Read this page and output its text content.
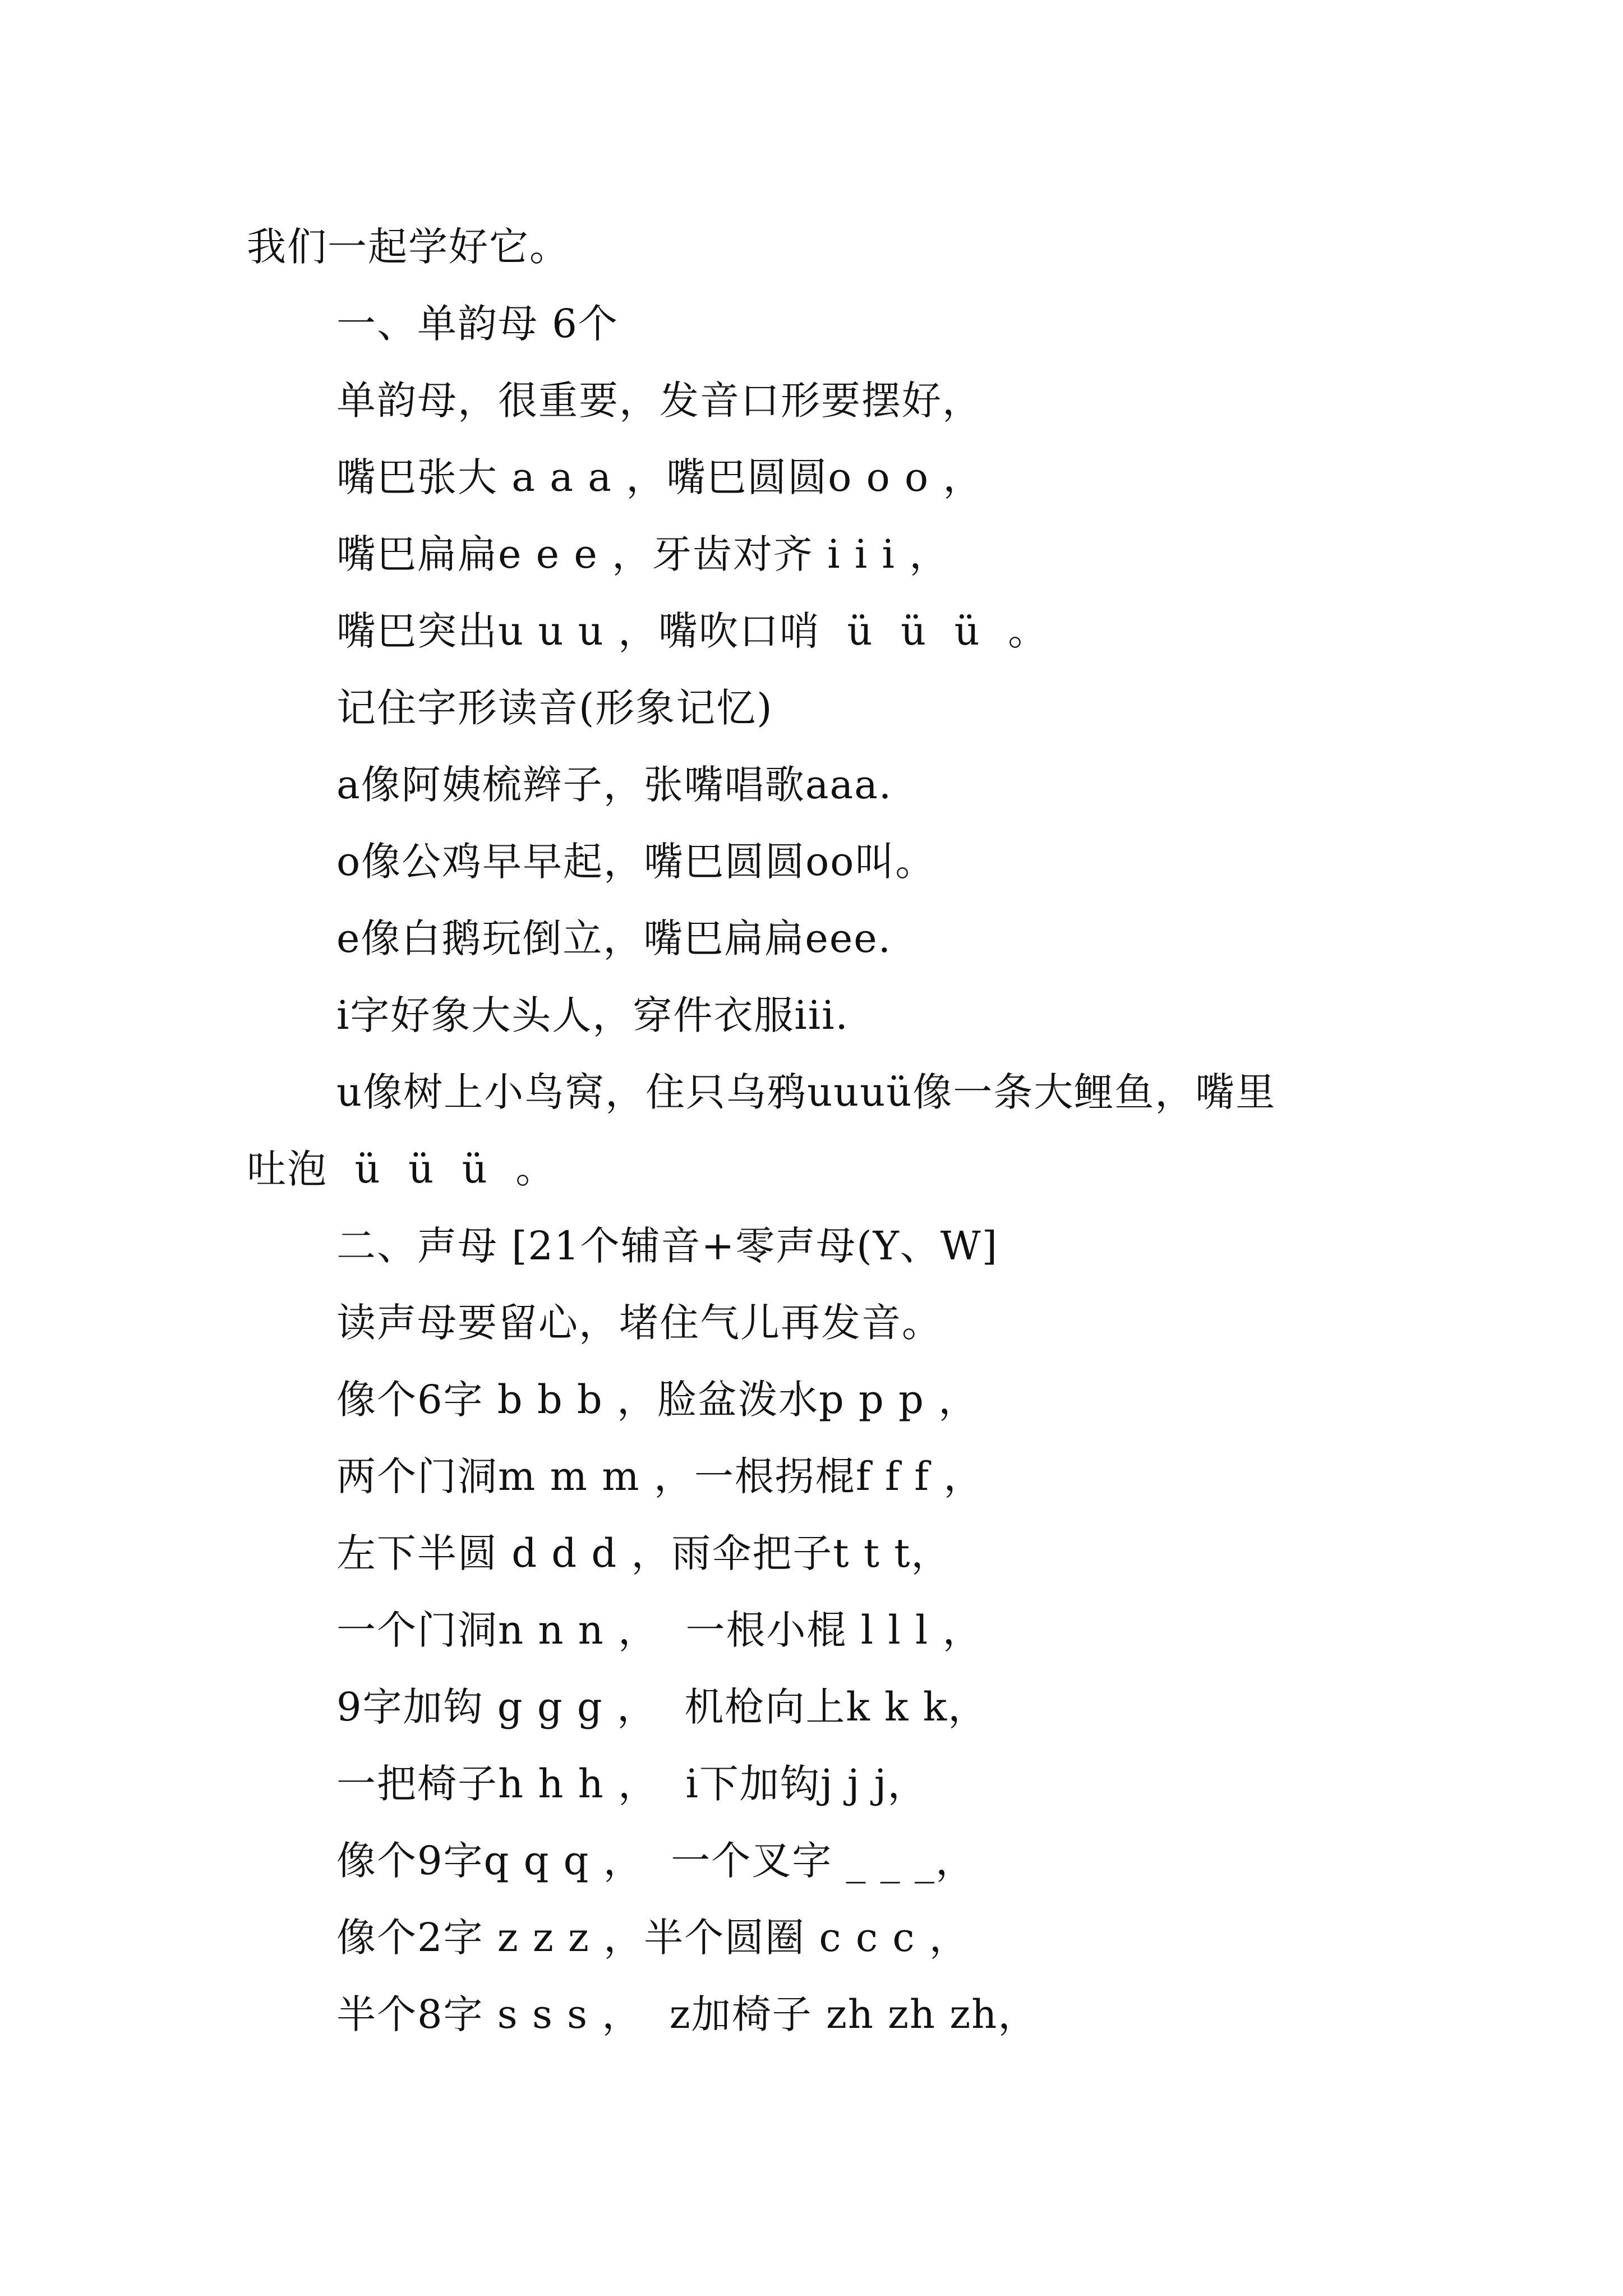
我们一起学好它。
一、单韵母 6个
单韵母，很重要，发音口形要摆好，
嘴巴张大 a a a ，嘴巴圆圆o o o ，
嘴巴扁扁e e e ，牙齿对齐 i i i ，
嘴巴突出u u u ，嘴吹口哨  ü  ü  ü  。
记住字形读音(形象记忆)
a像阿姨梳辫子，张嘴唱歌aaa.
o像公鸡早早起，嘴巴圆圆oo叫。
e像白鹅玩倒立，嘴巴扁扁eee.
i字好象大头人，穿件衣服iii.
u像树上小鸟窝，住只乌鸦uuuü像一条大鲤鱼，嘴里
吐泡  ü  ü  ü  。
二、声母 [21个辅音+零声母(Y、W]
读声母要留心，堵住气儿再发音。
像个6字 b b b ，脸盆泼水p p p ，
两个门洞m m m ，一根拐棍f f f ，
左下半圆 d d d ，雨伞把子t t t，
一个门洞n n n ，  一根小棍 l l l ，
9字加钩 g g g ，  机枪向上k k k，
一把椅子h h h ，  i下加钩j j j，
像个9字q q q ，  一个叉字 _ _ _，
像个2字 z z z ，半个圆圈 c c c ，
半个8字 s s s ，  z加椅子 zh zh zh，
